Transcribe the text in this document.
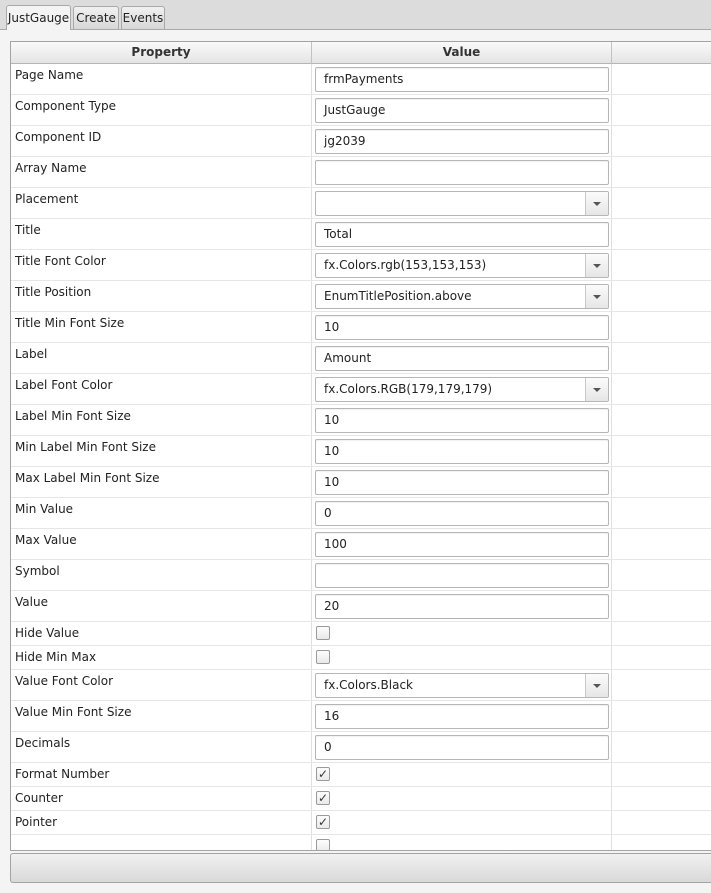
JustGauge Create Events
Property	Value
Page Name	frmPayments
Component Type	JustGauge
Component ID	jg2039
Array Name
Placement
Title	Total
Title Font Color	fx.Colors.rgb(153,153,153)
Title Position	EnumTitlePosition.above
Title Min Font Size	10
Label	Amount
Label Font Color	fx.Colors.RGB(179,179,179)
Label Min Font Size	10
Min Label Min Font Size	10
Max Label Min Font Size	10
Min Value	0
Max Value	100
Symbol
Value	20
Hide Value
Hide Min Max
Value Font Color	fx.Colors.Black
Value Min Font Size	16
Decimals	0
Format Number	✓
Counter	✓
Pointer	✓
